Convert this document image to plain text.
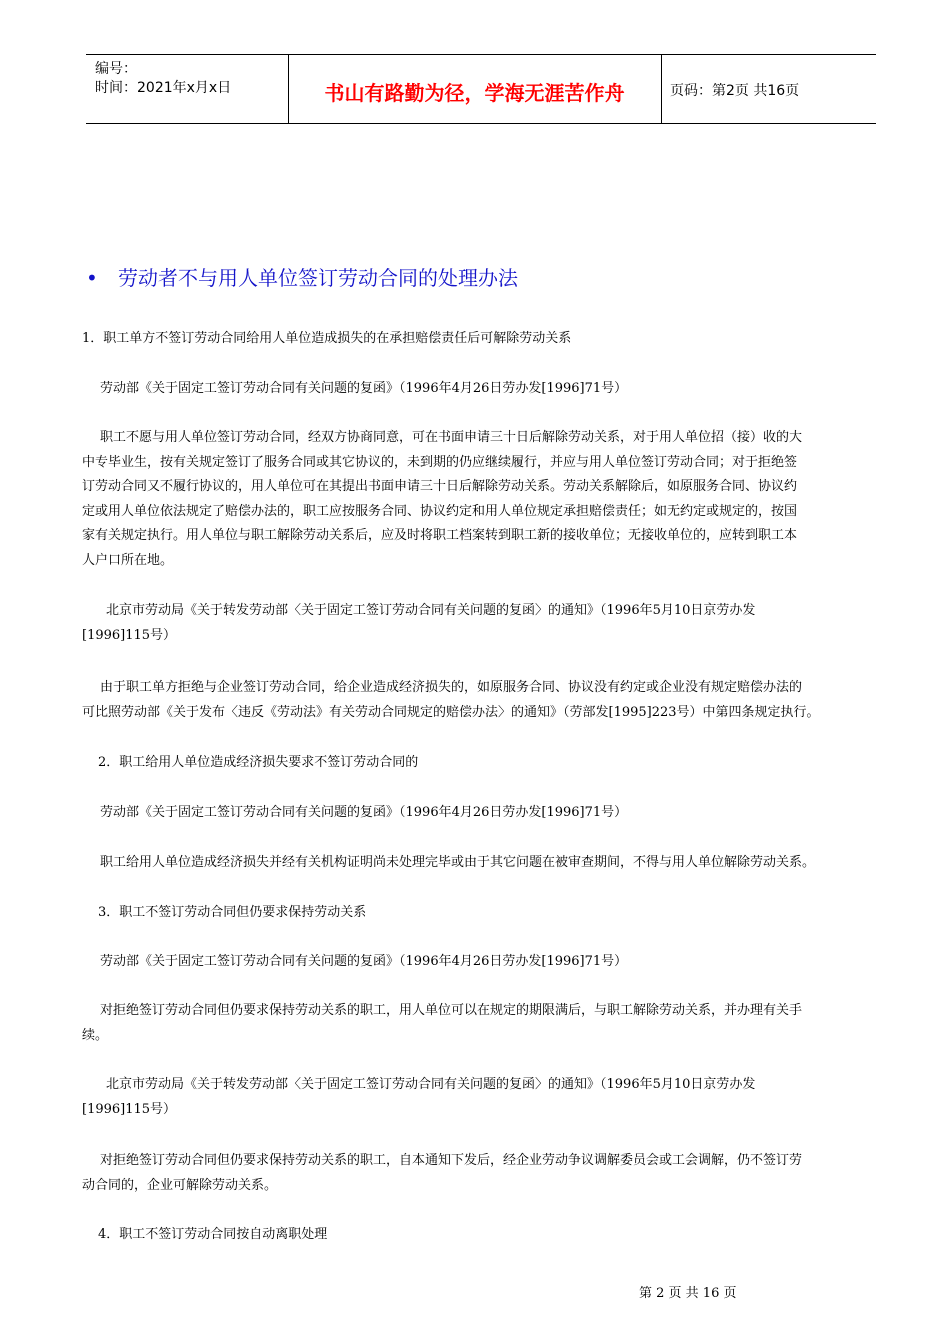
编号：
时间：2021年x月x日	书山有路勤为径，学海无涯苦作舟	页码：第2页 共16页
• 劳动者不与用人单位签订劳动合同的处理办法
1．职工单方不签订劳动合同给用人单位造成损失的在承担赔偿责任后可解除劳动关系
劳动部《关于固定工签订劳动合同有关问题的复函》（1996年4月26日劳办发[1996]71号）
职工不愿与用人单位签订劳动合同，经双方协商同意，可在书面申请三十日后解除劳动关系，对于用人单位招（接）收的大
中专毕业生，按有关规定签订了服务合同或其它协议的，未到期的仍应继续履行，并应与用人单位签订劳动合同；对于拒绝签
订劳动合同又不履行协议的，用人单位可在其提出书面申请三十日后解除劳动关系。劳动关系解除后，如原服务合同、协议约
定或用人单位依法规定了赔偿办法的，职工应按服务合同、协议约定和用人单位规定承担赔偿责任；如无约定或规定的，按国
家有关规定执行。用人单位与职工解除劳动关系后，应及时将职工档案转到职工新的接收单位；无接收单位的，应转到职工本
人户口所在地。
北京市劳动局《关于转发劳动部〈关于固定工签订劳动合同有关问题的复函〉的通知》（1996年5月10日京劳办发
[1996]115号）
由于职工单方拒绝与企业签订劳动合同，给企业造成经济损失的，如原服务合同、协议没有约定或企业没有规定赔偿办法的
可比照劳动部《关于发布〈违反《劳动法》有关劳动合同规定的赔偿办法〉的通知》（劳部发[1995]223号）中第四条规定执行。
2．职工给用人单位造成经济损失要求不签订劳动合同的
劳动部《关于固定工签订劳动合同有关问题的复函》（1996年4月26日劳办发[1996]71号）
职工给用人单位造成经济损失并经有关机构证明尚未处理完毕或由于其它问题在被审查期间，不得与用人单位解除劳动关系。
3．职工不签订劳动合同但仍要求保持劳动关系
劳动部《关于固定工签订劳动合同有关问题的复函》（1996年4月26日劳办发[1996]71号）
对拒绝签订劳动合同但仍要求保持劳动关系的职工，用人单位可以在规定的期限满后，与职工解除劳动关系，并办理有关手
续。
北京市劳动局《关于转发劳动部〈关于固定工签订劳动合同有关问题的复函〉的通知》（1996年5月10日京劳办发
[1996]115号）
对拒绝签订劳动合同但仍要求保持劳动关系的职工，自本通知下发后，经企业劳动争议调解委员会或工会调解，仍不签订劳
动合同的，企业可解除劳动关系。
4．职工不签订劳动合同按自动离职处理
第 2 页 共 16 页
